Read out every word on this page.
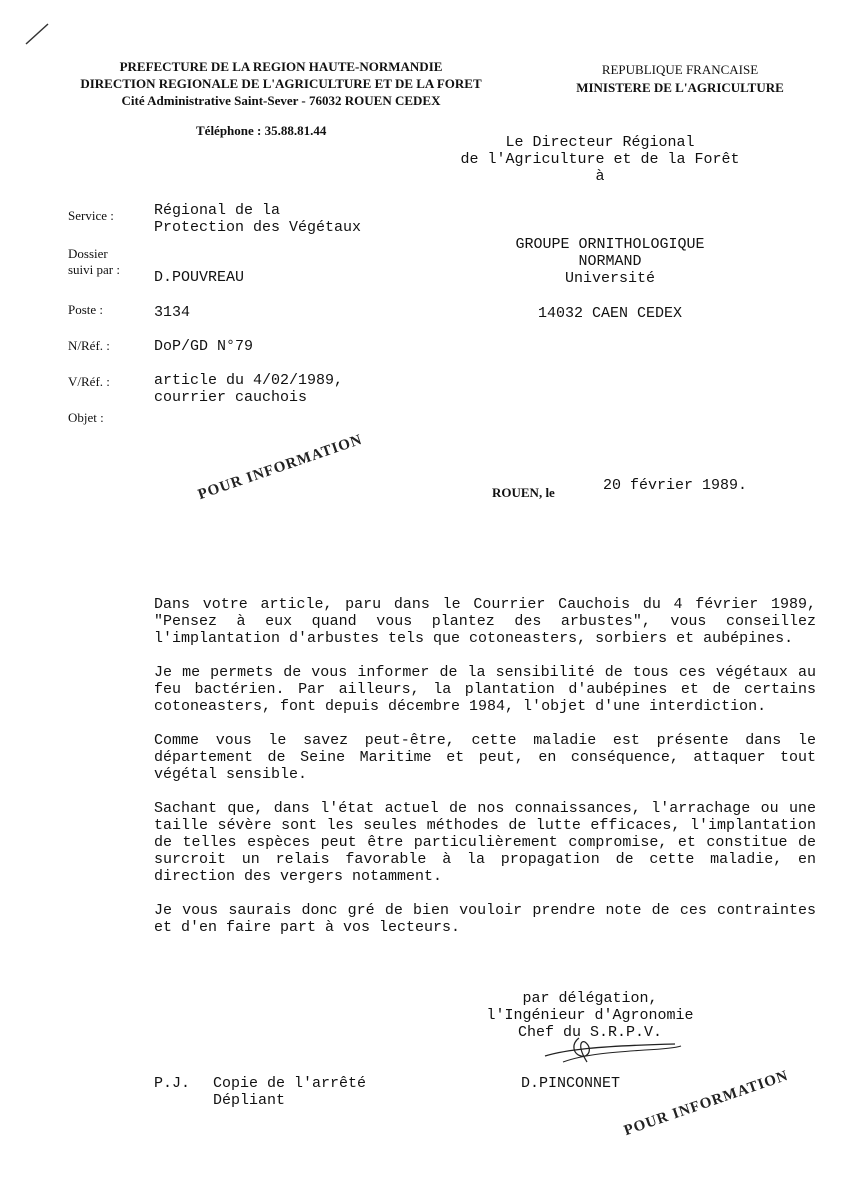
PREFECTURE DE LA REGION HAUTE-NORMANDIE
DIRECTION REGIONALE DE L'AGRICULTURE ET DE LA FORET
Cité Administrative Saint-Sever - 76032 ROUEN CEDEX
Téléphone : 35.88.81.44
REPUBLIQUE FRANCAISE
MINISTERE DE L'AGRICULTURE
Le Directeur Régional
de l'Agriculture et de la Forêt
à
GROUPE ORNITHOLOGIQUE
NORMAND
Université
14032 CAEN CEDEX
Service :	Régional de la
Protection des Végétaux
Dossier
suivi par : D.POUVREAU
Poste :	3134
N/Réf. :	DoP/GD N°79
V/Réf. :	article du 4/02/1989,
courrier cauchois
Objet :
POUR INFORMATION	ROUEN, le	20 février 1989.

Dans votre article, paru dans le Courrier Cauchois du 4 février 1989, "Pensez à eux quand vous plantez des arbustes", vous conseillez l'implantation d'arbustes tels que cotoneasters, sorbiers et aubépines.

Je me permets de vous informer de la sensibilité de tous ces végétaux au feu bactérien. Par ailleurs, la plantation d'aubépines et de certains cotoneasters, font depuis décembre 1984, l'objet d'une interdiction.

Comme vous le savez peut-être, cette maladie est présente dans le département de Seine Maritime et peut, en conséquence, attaquer tout végétal sensible.

Sachant que, dans l'état actuel de nos connaissances, l'arrachage ou une taille sévère sont les seules méthodes de lutte efficaces, l'implantation de telles espèces peut être particulièrement compromise, et constitue de surcroit un relais favorable à la propagation de cette maladie, en direction des vergers notamment.

Je vous saurais donc gré de bien vouloir prendre note de ces contraintes et d'en faire part à vos lecteurs.

par délégation,
l'Ingénieur d'Agronomie
Chef du S.R.P.V.
D.PINCONNET
P.J. Copie de l'arrêté
Dépliant	POUR INFORMATION
